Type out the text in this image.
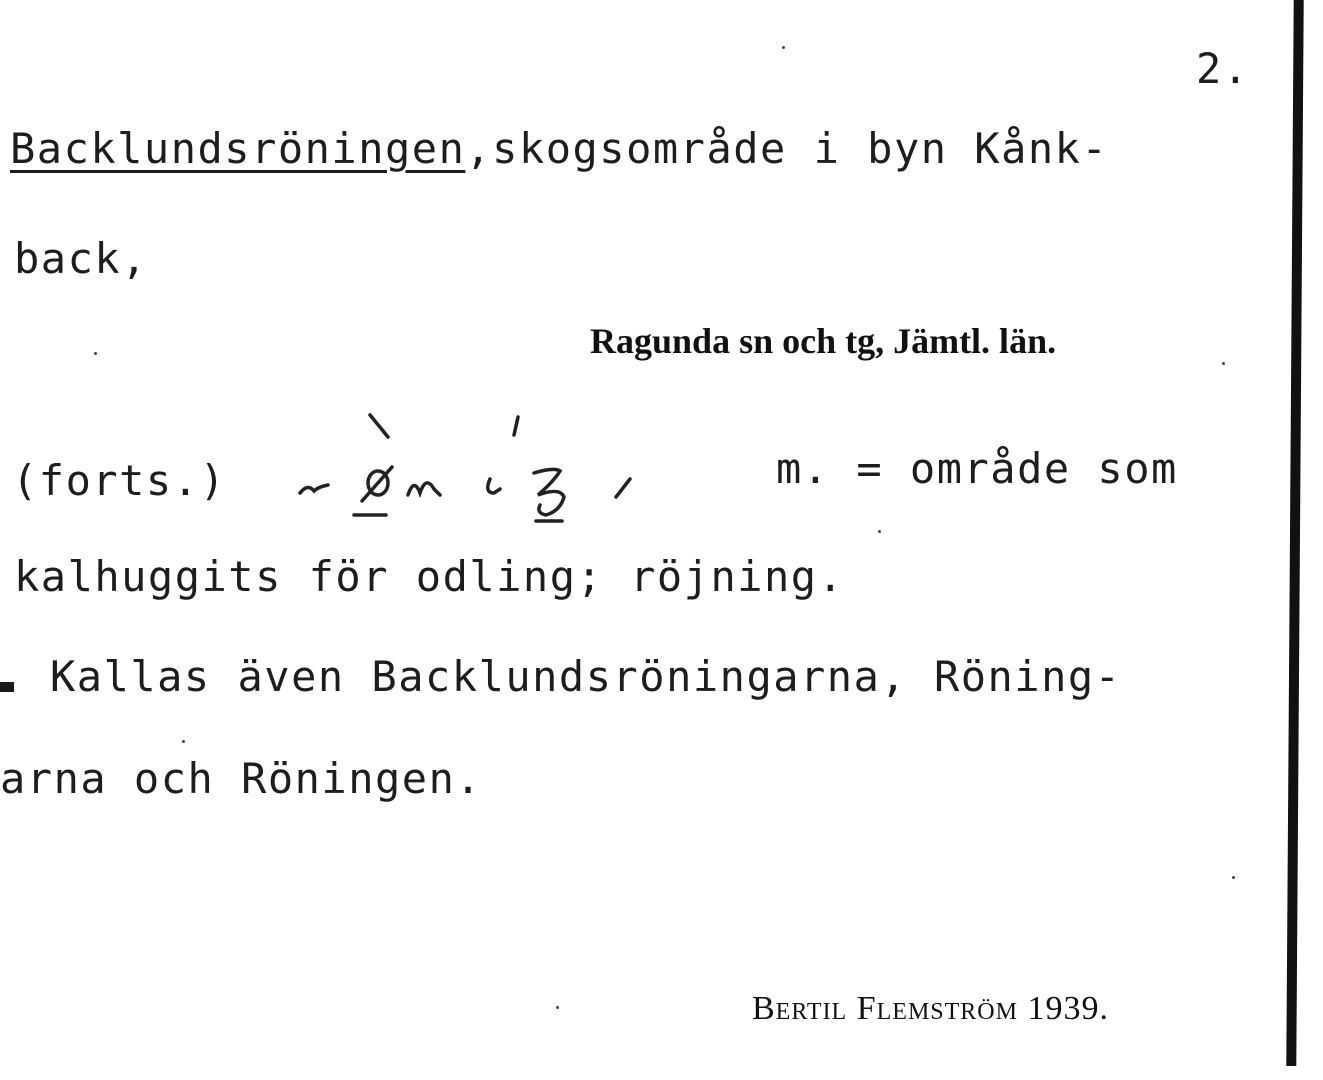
2.
Backlundsröningen,skogsområde i byn Kånk-
back,
Ragunda sn och tg, Jämtl. län.
(forts.)	m. = område som
kalhuggits för odling; röjning.
Kallas även Backlundsröningarna, Röning-
arna och Röningen.
Bertil Flemström 1939.
